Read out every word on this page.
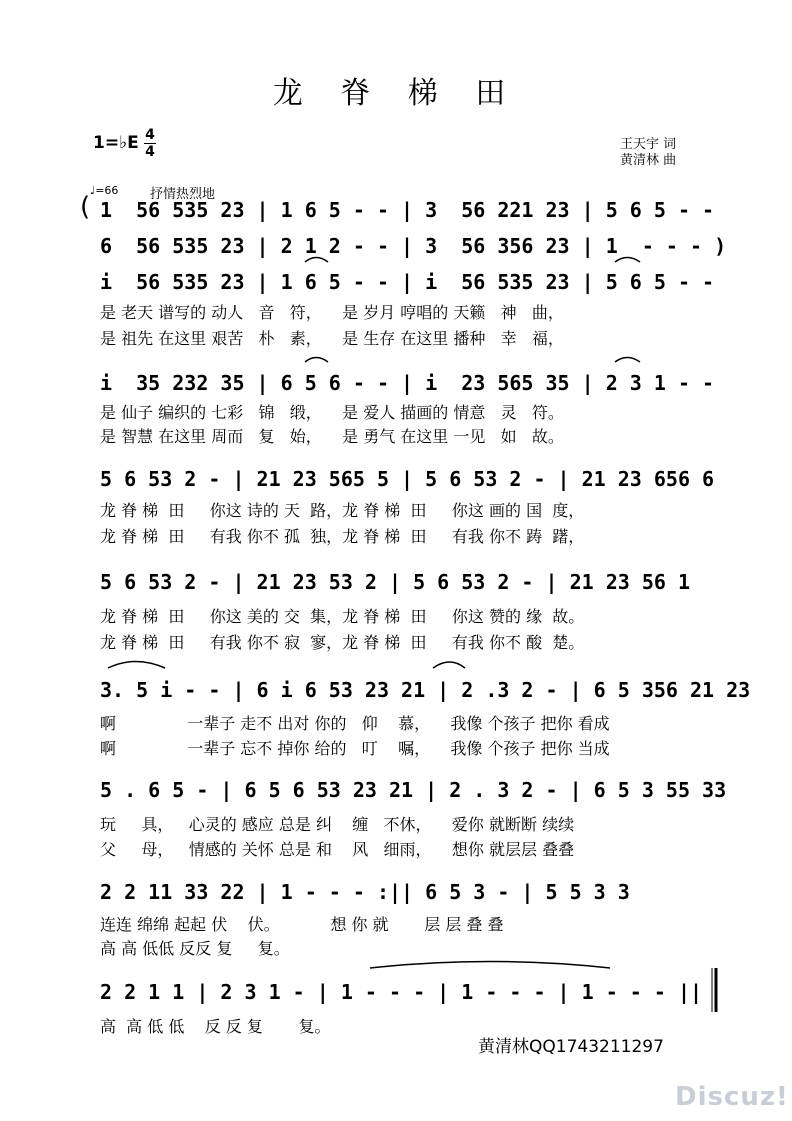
龙 脊 梯 田
1=♭E 4
4	王天宇 词
黄清林 曲
♩=66 抒情热烈地
( 1  56 535 23 | 1 6 5 - - | 3  56 221 23 | 5 6 5 - -
6  56 535 23 | 2 1 2 - - | 3  56 356 23 | 1  - - - )
i  56 535 23 | 1 6 5 - - | i  56 535 23 | 5 6 5 - -
是 老天 谱写的 动人   音   符，    是 岁月 哼唱的 天籁   神   曲，
是 祖先 在这里 艰苦   朴   素，    是 生存 在这里 播种   幸   福，
i  35 232 35 | 6 5 6 - - | i  23 565 35 | 2 3 1 - -
是 仙子 编织的 七彩   锦   缎，    是 爱人 描画的 情意   灵   符。
是 智慧 在这里 周而   复   始，    是 勇气 在这里 一见   如   故。
5 6 53 2 - | 21 23 565 5 | 5 6 53 2 - | 21 23 656 6
龙 脊 梯  田     你这 诗的 天  路，龙 脊 梯  田     你这 画的 国  度，
龙 脊 梯  田     有我 你不 孤  独，龙 脊 梯  田     有我 你不 踌  躇，
5 6 53 2 - | 21 23 53 2 | 5 6 53 2 - | 21 23 56 1
龙 脊 梯  田     你这 美的 交  集，龙 脊 梯  田     你这 赞的 缘  故。
龙 脊 梯  田     有我 你不 寂  寥，龙 脊 梯  田     有我 你不 酸  楚。
3. 5 i - - | 6 i 6 53 23 21 | 2 .3 2 - | 6 5 356 21 23
啊              一辈子 走不 出对 你的   仰    慕，    我像 个孩子 把你 看成
啊              一辈子 忘不 掉你 给的   叮    嘱，    我像 个孩子 把你 当成
5 . 6 5 - | 6 5 6 53 23 21 | 2 . 3 2 - | 6 5 3 55 33
玩     具，   心灵的 感应 总是 纠    缠   不休，    爱你 就断断 续续
父     母，   情感的 关怀 总是 和    风   细雨，    想你 就层层 叠叠
2 2 11 33 22 | 1 - - - :|| 6 5 3 - | 5 5 3 3
连连 绵绵 起起 伏    伏。          想 你 就       层 层 叠 叠
高 高 低低 反反 复     复。
2 2 1 1 | 2 3 1 - | 1 - - - | 1 - - - | 1 - - - ||
高  高 低 低    反 反 复       复。
黄清林QQ1743211297
Discuz!
